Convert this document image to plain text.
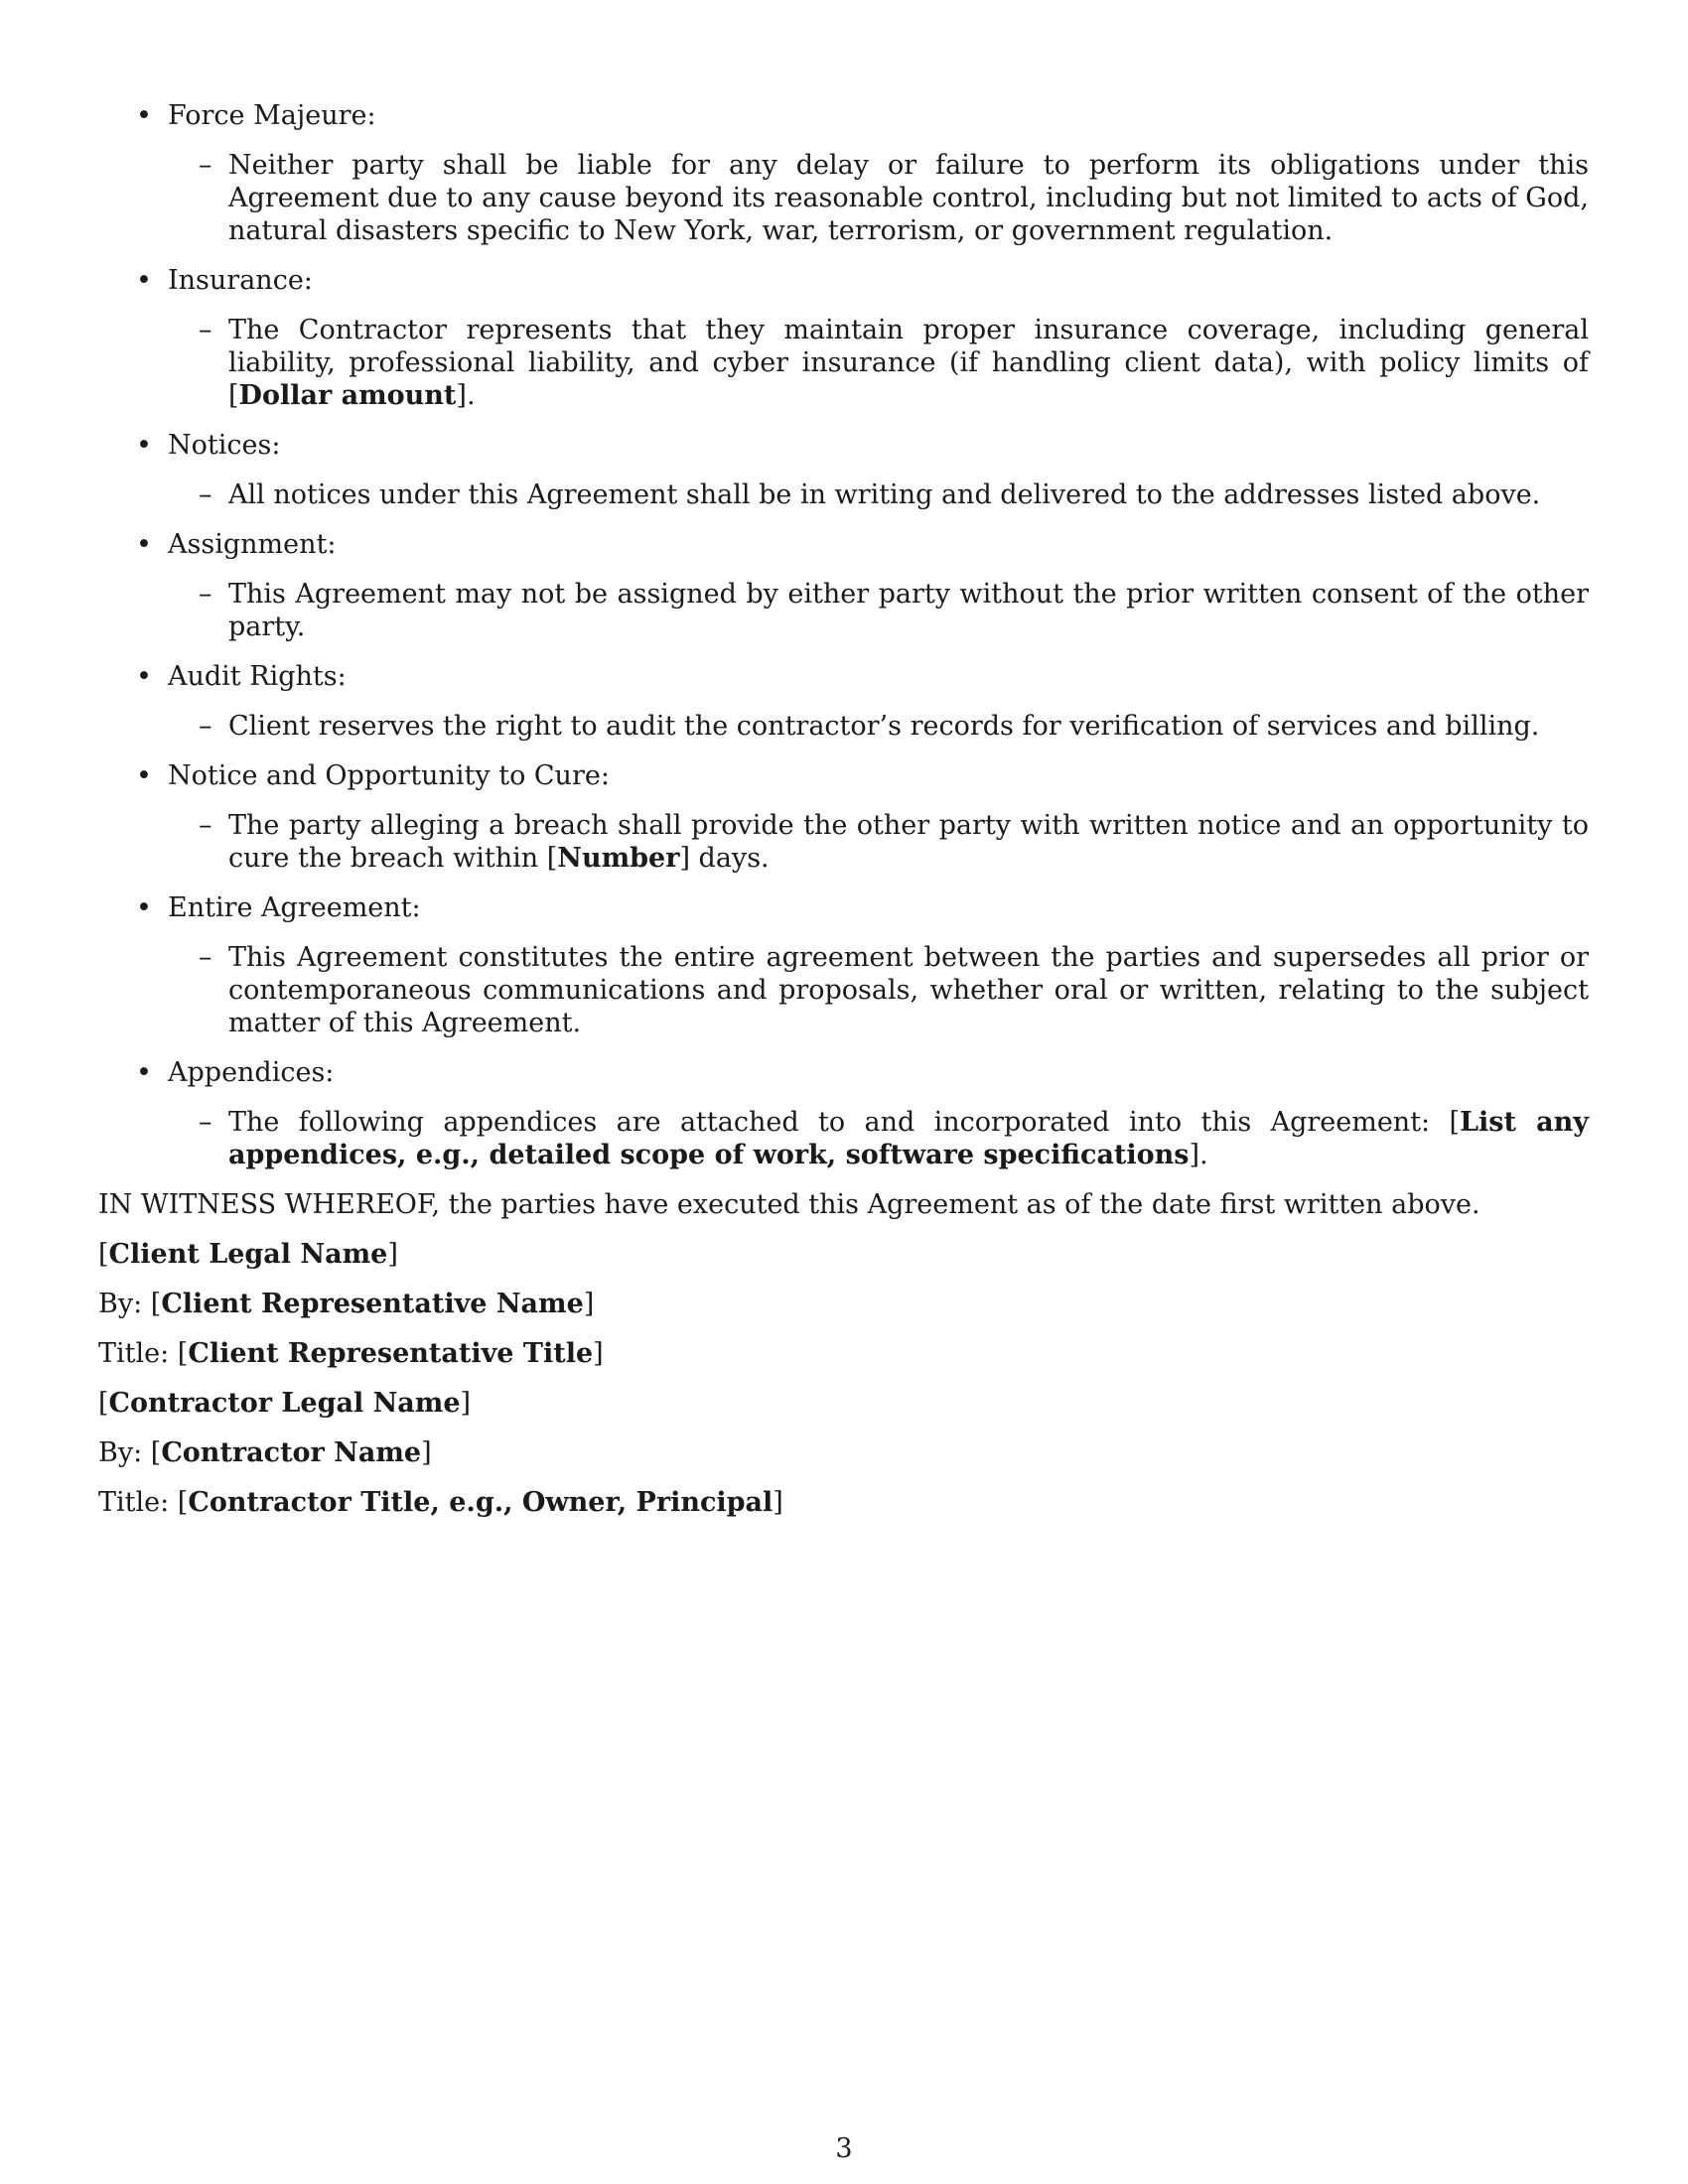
• Force Majeure:
– Neither party shall be liable for any delay or failure to perform its obligations under this Agreement due to any cause beyond its reasonable control, including but not limited to acts of God, natural disasters specific to New York, war, terrorism, or government regulation.
• Insurance:
– The Contractor represents that they maintain proper insurance coverage, including general liability, professional liability, and cyber insurance (if handling client data), with policy limits of [Dollar amount].
• Notices:
– All notices under this Agreement shall be in writing and delivered to the addresses listed above.
• Assignment:
– This Agreement may not be assigned by either party without the prior written consent of the other party.
• Audit Rights:
– Client reserves the right to audit the contractor’s records for verification of services and billing.
• Notice and Opportunity to Cure:
– The party alleging a breach shall provide the other party with written notice and an opportunity to cure the breach within [Number] days.
• Entire Agreement:
– This Agreement constitutes the entire agreement between the parties and supersedes all prior or contemporaneous communications and proposals, whether oral or written, relating to the subject matter of this Agreement.
• Appendices:
– The following appendices are attached to and incorporated into this Agreement: [List any appendices, e.g., detailed scope of work, software specifications].

IN WITNESS WHEREOF, the parties have executed this Agreement as of the date first written above.

[Client Legal Name]

By: [Client Representative Name]

Title: [Client Representative Title]

[Contractor Legal Name]

By: [Contractor Name]

Title: [Contractor Title, e.g., Owner, Principal]

3
